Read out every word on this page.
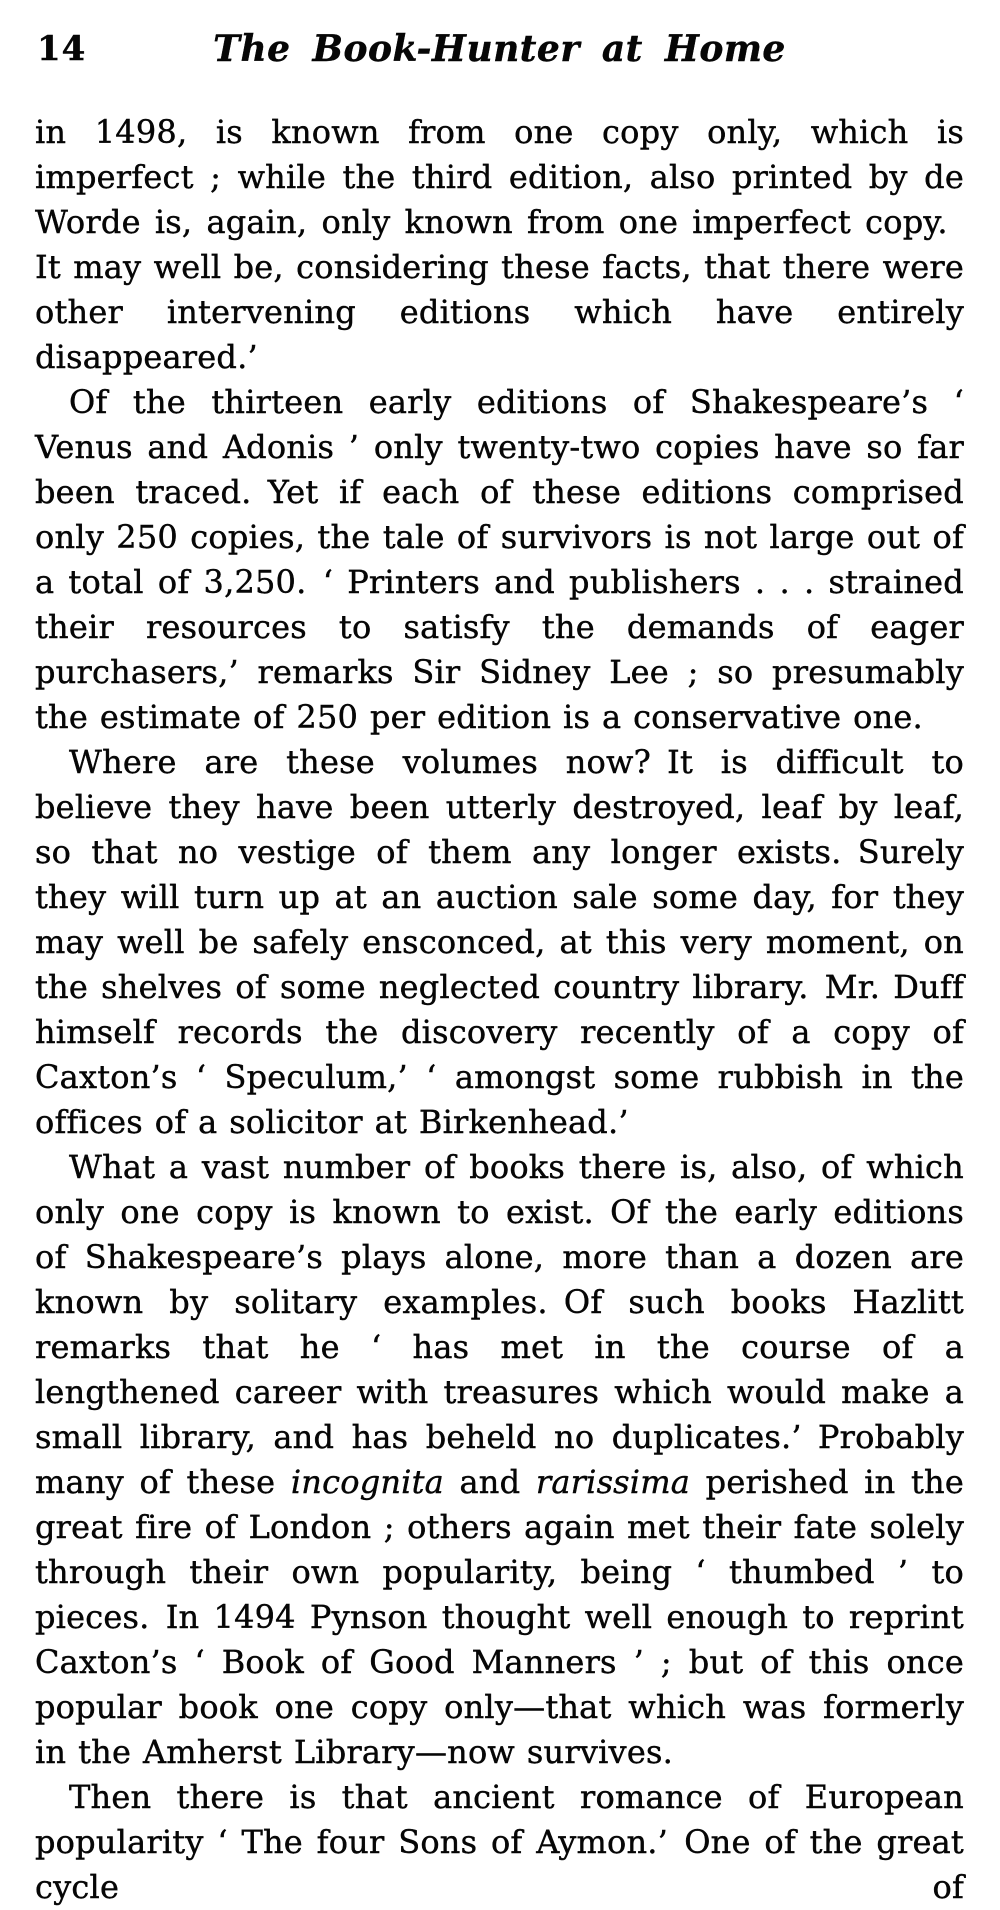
14	The Book-Hunter at Home

in 1498, is known from one copy only, which is imperfect ; while the third edition, also printed by de Worde is, again, only known from one imperfect copy. It may well be, considering these facts, that there were other intervening editions which have entirely disappeared.’

Of the thirteen early editions of Shakespeare’s ‘ Venus and Adonis ’ only twenty-two copies have so far been traced. Yet if each of these editions comprised only 250 copies, the tale of survivors is not large out of a total of 3,250. ‘ Printers and publishers . . . strained their resources to satisfy the demands of eager purchasers,’ remarks Sir Sidney Lee ; so presumably the estimate of 250 per edition is a conservative one.

Where are these volumes now? It is difficult to believe they have been utterly destroyed, leaf by leaf, so that no vestige of them any longer exists. Surely they will turn up at an auction sale some day, for they may well be safely ensconced, at this very moment, on the shelves of some neglected country library. Mr. Duff himself records the discovery recently of a copy of Caxton’s ‘ Speculum,’ ‘ amongst some rubbish in the offices of a solicitor at Birkenhead.’

What a vast number of books there is, also, of which only one copy is known to exist. Of the early editions of Shakespeare’s plays alone, more than a dozen are known by solitary examples. Of such books Hazlitt remarks that he ‘ has met in the course of a lengthened career with treasures which would make a small library, and has beheld no duplicates.’ Probably many of these incognita and rarissima perished in the great fire of London ; others again met their fate solely through their own popularity, being ‘ thumbed ’ to pieces. In 1494 Pynson thought well enough to reprint Caxton’s ‘ Book of Good Manners ’ ; but of this once popular book one copy only—that which was formerly in the Amherst Library—now survives.

Then there is that ancient romance of European popularity ‘ The four Sons of Aymon.’ One of the great cycle of
